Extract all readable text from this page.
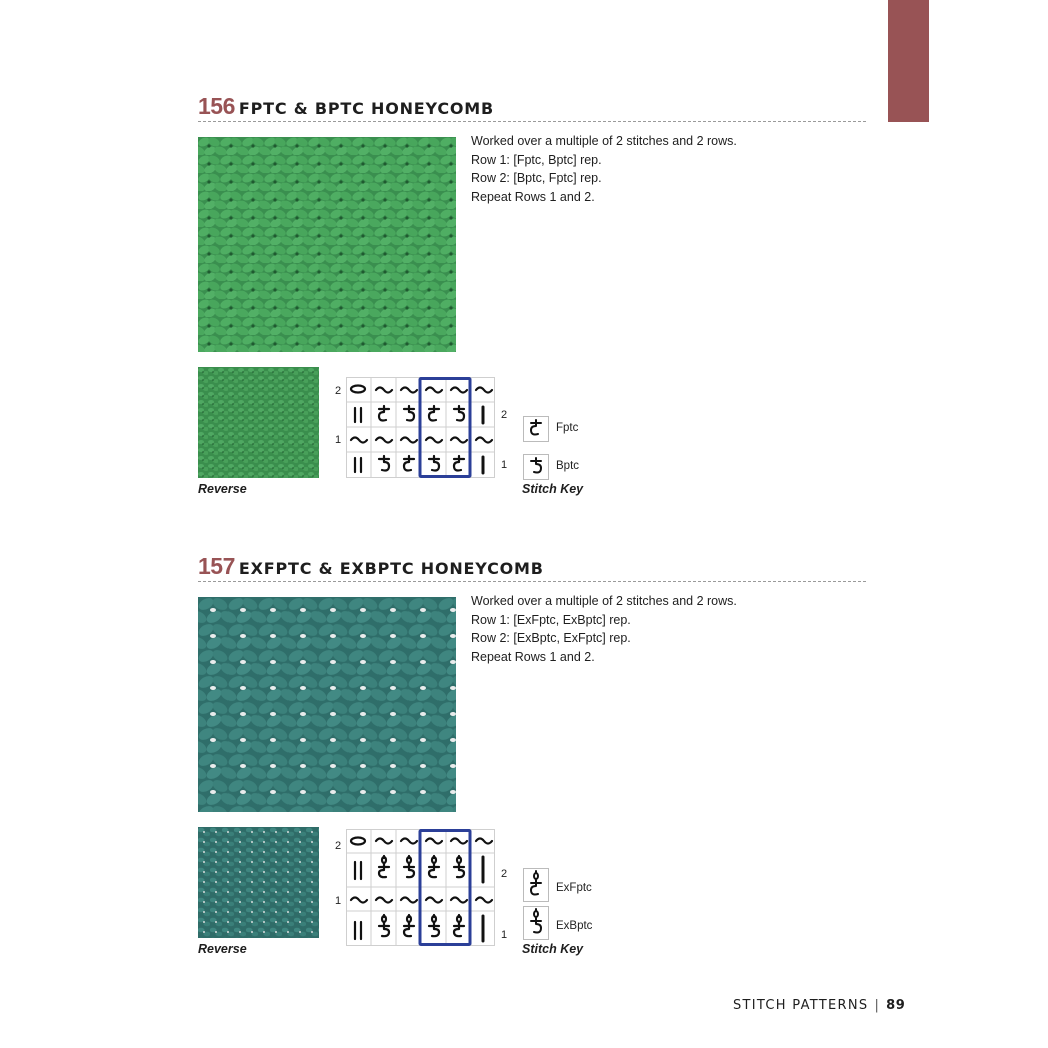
156 FPTC & BPTC HONEYCOMB
Worked over a multiple of 2 stitches and 2 rows.
Row 1: [Fptc, Bptc] rep.
Row 2: [Bptc, Fptc] rep.
Repeat Rows 1 and 2.
Reverse
2
1
2
1
Fptc
Bptc
Stitch Key
157 EXFPTC & EXBPTC HONEYCOMB
Worked over a multiple of 2 stitches and 2 rows.
Row 1: [ExFptc, ExBptc] rep.
Row 2: [ExBptc, ExFptc] rep.
Repeat Rows 1 and 2.
Reverse
2
1
2
1
ExFptc
ExBptc
Stitch Key
STITCH PATTERNS | 89
